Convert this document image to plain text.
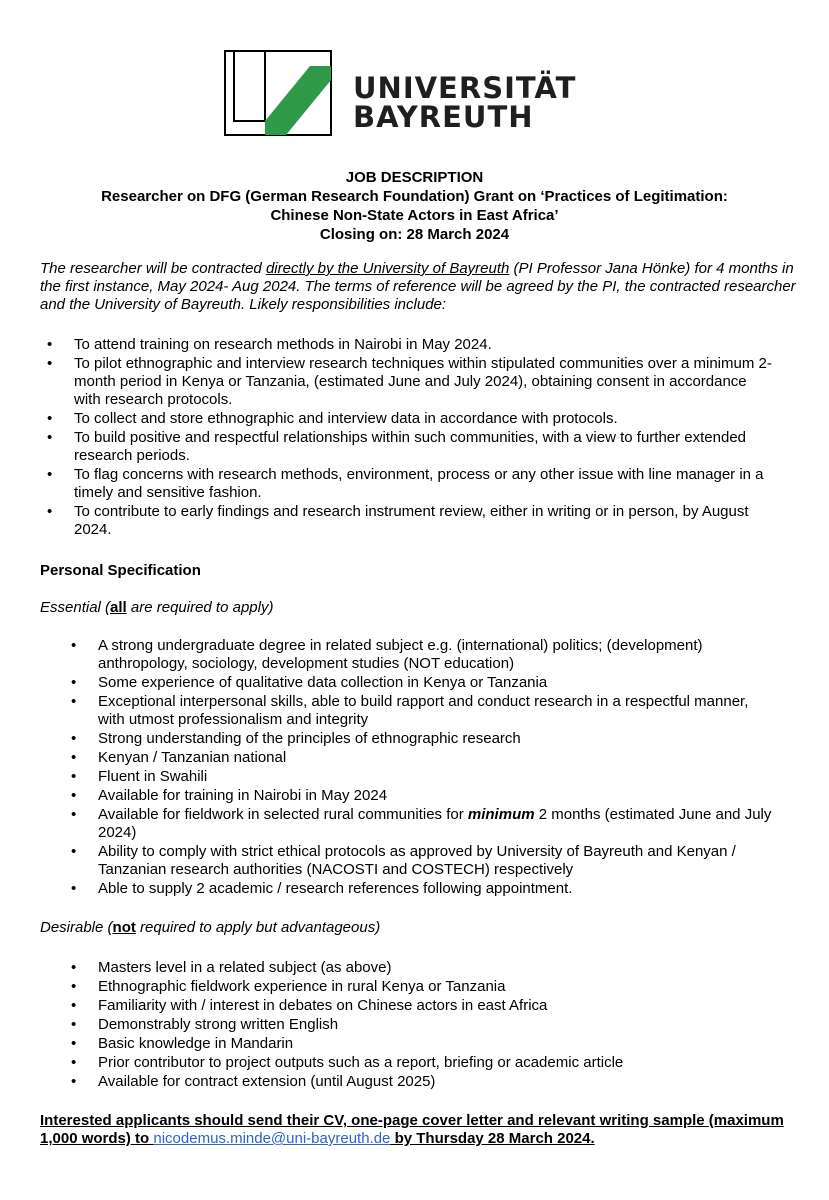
UNIVERSITÄT
BAYREUTH
JOB DESCRIPTION
Researcher on DFG (German Research Foundation) Grant on ‘Practices of Legitimation:
Chinese Non-State Actors in East Africa’
Closing on: 28 March 2024
The researcher will be contracted directly by the University of Bayreuth (PI Professor Jana Hönke) for 4 months in the first instance, May 2024- Aug 2024. The terms of reference will be agreed by the PI, the contracted researcher and the University of Bayreuth. Likely responsibilities include:
• To attend training on research methods in Nairobi in May 2024.
• To pilot ethnographic and interview research techniques within stipulated communities over a minimum 2-month period in Kenya or Tanzania, (estimated June and July 2024), obtaining consent in accordance with research protocols.
• To collect and store ethnographic and interview data in accordance with protocols.
• To build positive and respectful relationships within such communities, with a view to further extended research periods.
• To flag concerns with research methods, environment, process or any other issue with line manager in a timely and sensitive fashion.
• To contribute to early findings and research instrument review, either in writing or in person, by August 2024.
Personal Specification
Essential (all are required to apply)
• A strong undergraduate degree in related subject e.g. (international) politics; (development) anthropology, sociology, development studies (NOT education)
• Some experience of qualitative data collection in Kenya or Tanzania
• Exceptional interpersonal skills, able to build rapport and conduct research in a respectful manner, with utmost professionalism and integrity
• Strong understanding of the principles of ethnographic research
• Kenyan / Tanzanian national
• Fluent in Swahili
• Available for training in Nairobi in May 2024
• Available for fieldwork in selected rural communities for minimum 2 months (estimated June and July 2024)
• Ability to comply with strict ethical protocols as approved by University of Bayreuth and Kenyan / Tanzanian research authorities (NACOSTI and COSTECH) respectively
• Able to supply 2 academic / research references following appointment.
Desirable (not required to apply but advantageous)
• Masters level in a related subject (as above)
• Ethnographic fieldwork experience in rural Kenya or Tanzania
• Familiarity with / interest in debates on Chinese actors in east Africa
• Demonstrably strong written English
• Basic knowledge in Mandarin
• Prior contributor to project outputs such as a report, briefing or academic article
• Available for contract extension (until August 2025)
Interested applicants should send their CV, one-page cover letter and relevant writing sample (maximum 1,000 words) to nicodemus.minde@uni-bayreuth.de by Thursday 28 March 2024.
